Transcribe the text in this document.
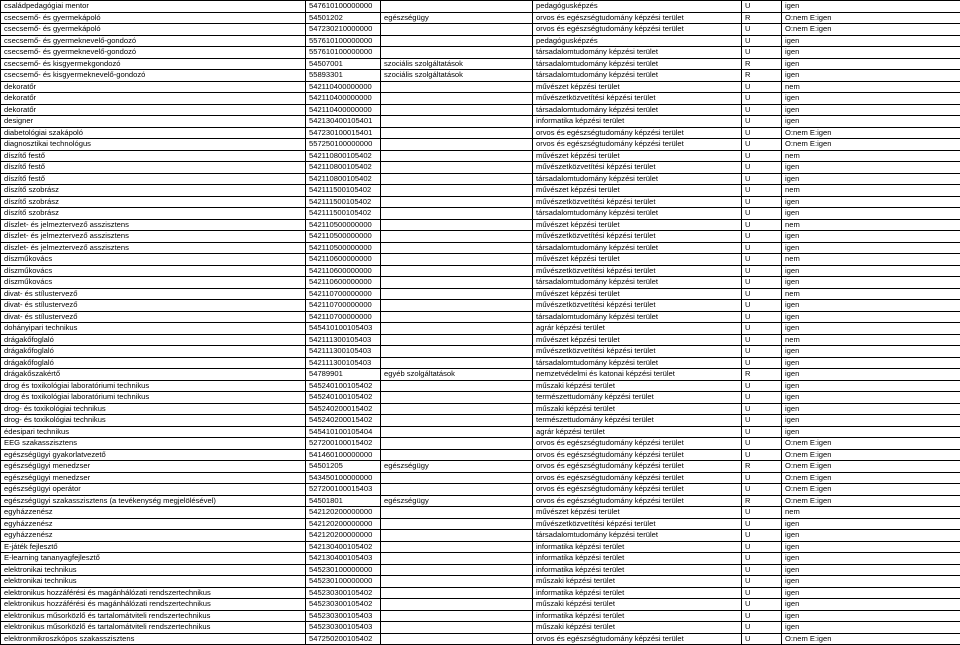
családpedagógiai mentor	547610100000000		pedagógusképzés	U	igen
csecsemő- és gyermekápoló	54501202	egészségügy	orvos és egészségtudomány képzési terület	R	O:nem E:igen
csecsemő- és gyermekápoló	547230210000000		orvos és egészségtudomány képzési terület	U	O:nem E:igen
csecsemő- és gyermeknevelő-gondozó	557610100000000		pedagógusképzés	U	igen
csecsemő- és gyermeknevelő-gondozó	557610100000000		társadalomtudomány képzési terület	U	igen
csecsemő- és kisgyermekgondozó	54507001	szociális szolgáltatások	társadalomtudomány képzési terület	R	igen
csecsemő- és kisgyermeknevelő-gondozó	55893301	szociális szolgáltatások	társadalomtudomány képzési terület	R	igen
dekoratőr	542110400000000		művészet képzési terület	U	nem
dekoratőr	542110400000000		művészetközvetítési képzési terület	U	igen
dekoratőr	542110400000000		társadalomtudomány képzési terület	U	igen
designer	542130400105401		informatika képzési terület	U	igen
diabetológiai szakápoló	547230100015401		orvos és egészségtudomány képzési terület	U	O:nem E:igen
diagnosztikai technológus	557250100000000		orvos és egészségtudomány képzési terület	U	O:nem E:igen
díszítő festő	542110800105402		művészet képzési terület	U	nem
díszítő festő	542110800105402		művészetközvetítési képzési terület	U	igen
díszítő festő	542110800105402		társadalomtudomány képzési terület	U	igen
díszítő szobrász	542111500105402		művészet képzési terület	U	nem
díszítő szobrász	542111500105402		művészetközvetítési képzési terület	U	igen
díszítő szobrász	542111500105402		társadalomtudomány képzési terület	U	igen
díszlet- és jelmeztervező asszisztens	542110500000000		művészet képzési terület	U	nem
díszlet- és jelmeztervező asszisztens	542110500000000		művészetközvetítési képzési terület	U	igen
díszlet- és jelmeztervező asszisztens	542110500000000		társadalomtudomány képzési terület	U	igen
díszműkovács	542110600000000		művészet képzési terület	U	nem
díszműkovács	542110600000000		művészetközvetítési képzési terület	U	igen
díszműkovács	542110600000000		társadalomtudomány képzési terület	U	igen
divat- és stílustervező	542110700000000		művészet képzési terület	U	nem
divat- és stílustervező	542110700000000		művészetközvetítési képzési terület	U	igen
divat- és stílustervező	542110700000000		társadalomtudomány képzési terület	U	igen
dohányipari technikus	545410100105403		agrár képzési terület	U	igen
drágakőfoglaló	542111300105403		művészet képzési terület	U	nem
drágakőfoglaló	542111300105403		művészetközvetítési képzési terület	U	igen
drágakőfoglaló	542111300105403		társadalomtudomány képzési terület	U	igen
drágakőszakértő	54789901	egyéb szolgáltatások	nemzetvédelmi és katonai képzési terület	R	igen
drog és toxikológiai laboratóriumi technikus	545240100105402		műszaki képzési terület	U	igen
drog és toxikológiai laboratóriumi technikus	545240100105402		természettudomány képzési terület	U	igen
drog- és toxikológiai technikus	545240200015402		műszaki képzési terület	U	igen
drog- és toxikológiai technikus	545240200015402		természettudomány képzési terület	U	igen
édesipari technikus	545410100105404		agrár képzési terület	U	igen
EEG szakasszisztens	527200100015402		orvos és egészségtudomány képzési terület	U	O:nem E:igen
egészségügyi gyakorlatvezető	541460100000000		orvos és egészségtudomány képzési terület	U	O:nem E:igen
egészségügyi menedzser	54501205	egészségügy	orvos és egészségtudomány képzési terület	R	O:nem E:igen
egészségügyi menedzser	543450100000000		orvos és egészségtudomány képzési terület	U	O:nem E:igen
egészségügyi operátor	527200100015403		orvos és egészségtudomány képzési terület	U	O:nem E:igen
egészségügyi szakasszisztens (a tevékenység megjelölésével)	54501801	egészségügy	orvos és egészségtudomány képzési terület	R	O:nem E:igen
egyházzenész	542120200000000		művészet képzési terület	U	nem
egyházzenész	542120200000000		művészetközvetítési képzési terület	U	igen
egyházzenész	542120200000000		társadalomtudomány képzési terület	U	igen
E-játék fejlesztő	542130400105402		informatika képzési terület	U	igen
E-learning tananyagfejlesztő	542130400105403		informatika képzési terület	U	igen
elektronikai technikus	545230100000000		informatika képzési terület	U	igen
elektronikai technikus	545230100000000		műszaki képzési terület	U	igen
elektronikus hozzáférési és magánhálózati rendszertechnikus	545230300105402		informatika képzési terület	U	igen
elektronikus hozzáférési és magánhálózati rendszertechnikus	545230300105402		műszaki képzési terület	U	igen
elektronikus műsorközlő és tartalomátviteli rendszertechnikus	545230300105403		informatika képzési terület	U	igen
elektronikus műsorközlő és tartalomátviteli rendszertechnikus	545230300105403		műszaki képzési terület	U	igen
elektronmikroszkópos szakasszisztens	547250200105402		orvos és egészségtudomány képzési terület	U	O:nem E:igen
